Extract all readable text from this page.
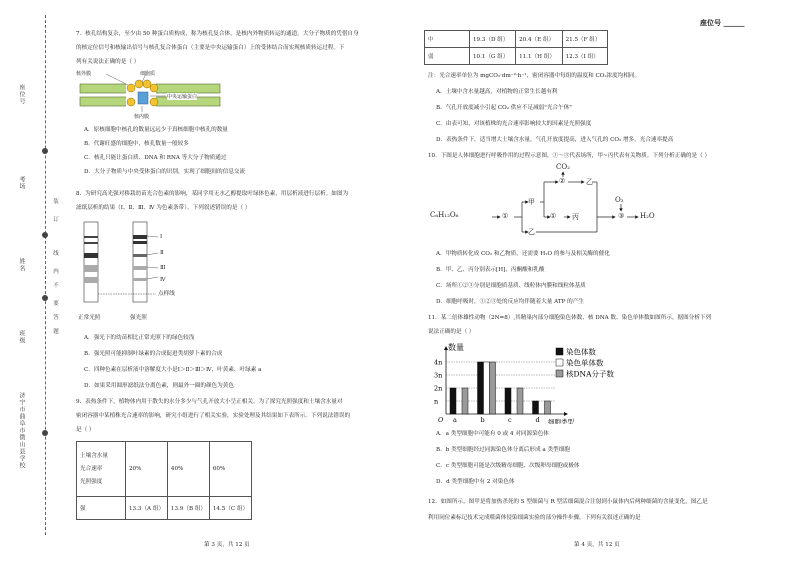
座位号
考场
姓名
班级
济宁市曲阜市微山县
学校
装
订
线
内
不
要
答
题
座位号 ______
7．核孔结构复杂，至少由 50 种蛋白质构成，称为核孔复合体，是核内外物质转运的通道。大分子物质的凭借自身
的核定位信号和核输出信号与核孔复合体蛋白（主要是中央运输蛋白）上的受体结合而实现核质转运过程。下
列有关说法正确的是（ ）
核外膜	细胞质
中央运输蛋白
核内膜
A．原核细胞中核孔的数量远远少于真核细胞中核孔的数量
B．代谢旺盛的细胞中，核孔数量一般较多
C．核孔只能让蛋白质、DNA 和 RNA 等大分子物质通过
D．大分子物质与中央受体蛋白的识别，实现了细胞间的信息交流
8．为研究高光强对移栽幼苗光合色素的影响，某同学用无水乙醇提取叶绿体色素，用层析液进行层析。如图为
滤纸层析的结果（Ⅰ、Ⅱ、Ⅲ、Ⅳ 为色素条带）。下列叙述错误的是（ ）
Ⅰ
Ⅱ
Ⅲ
Ⅳ
点样线
正常光照	强光照
A．强光下的幼苗相比正常光照下的绿色较浅
B．强光照可能抑制叶绿素的合成促进类胡萝卜素的合成
C．四种色素在层析液中溶解度大小是Ⅰ＞Ⅱ＞Ⅲ＞Ⅳ，叶黄素、叶绿素 a
D．如果采用圆形滤纸法分离色素，则最外一圈的颜色为黄色
9．表热条件下，植物体内用于散失的水分多少与气孔开放大小呈正相关。为了探究光照强度和土壤含水量对
密闭容器中某植株光合速率的影响，研究小组进行了相关实验，实验处理及其结果如下表所示。下列说法错误的
是（ ）
土壤含水量
光合速率
光照强度	20%	40%	60%
强	13.3（A 组）	13.9（B 组）	14.5（C 组）
第 3 页，共 12 页
中	19.3（D 组）	20.4（E 组）	21.5（F 组）
弱	10.1（G 组）	11.1（H 组）	12.3（I 组）
注：光合速率单位为 mgCO₂·dm⁻²·h⁻¹，密闭容器中每组的温度和 CO₂浓度均相同。
A．土壤中含水量越高，对植物的正常生长越有利
B．气孔开放度减小引起 CO₂ 供应不足减弱"光合午休"
C．由表可知，对该植株的光合速率影响较大的因素是光照强度
D．表热条件下，适当增大土壤含水量，气孔开放度提高，进入气孔的 CO₂ 增多，光合速率提高
10．下图是人体细胞进行呼吸作用的过程示意图，①～③代表场所，甲~丙代表有关物质。下列分析正确的是（ ）
C₆H₁₂O₆	①
甲
乙
① 丙
②
CO₂
乙
O₂
③ H₂O
A．甲物质转化成 CO₂ 和乙物质，还需要 H₂O 的参与及相关酶的催化
B．甲、乙、丙分别表示[H]、丙酮酸和乳酸
C．场所①②③分别是细胞质基质、线粒体内膜和线粒体基质
D．细胞呼吸时，①②③处的反应均伴随着大量 ATP 的产生
11．某二倍体雄性动物（2N=8）,其精巢内部分细胞染色体数、核 DNA 数、染色单体数如图所示，据图分析下列
说法正确的是（ ）
数量
细胞类型
O
4n
3n
2n
n
a	b	c	d
染色体数
染色单体数
核DNA分子数
A．a 类型细胞中可能有 0 或 4 对同源染色体
B．b 类型细胞经过同源染色体分离后形成 a 类型细胞
C．c 类型细胞可能是次级精母细胞、次级卵母细胞或极体
D．d 类型细胞中有 2 对染色体
12．如图所示，图甲是将加热杀死的 S 型细菌与 R 型活细菌混合注射到小鼠体内后两种细菌的含量变化，图乙是
利用同位素标记技术完成噬菌体侵染细菌实验的部分操作步骤。下列有关叙述正确的是
第 4 页，共 12 页
